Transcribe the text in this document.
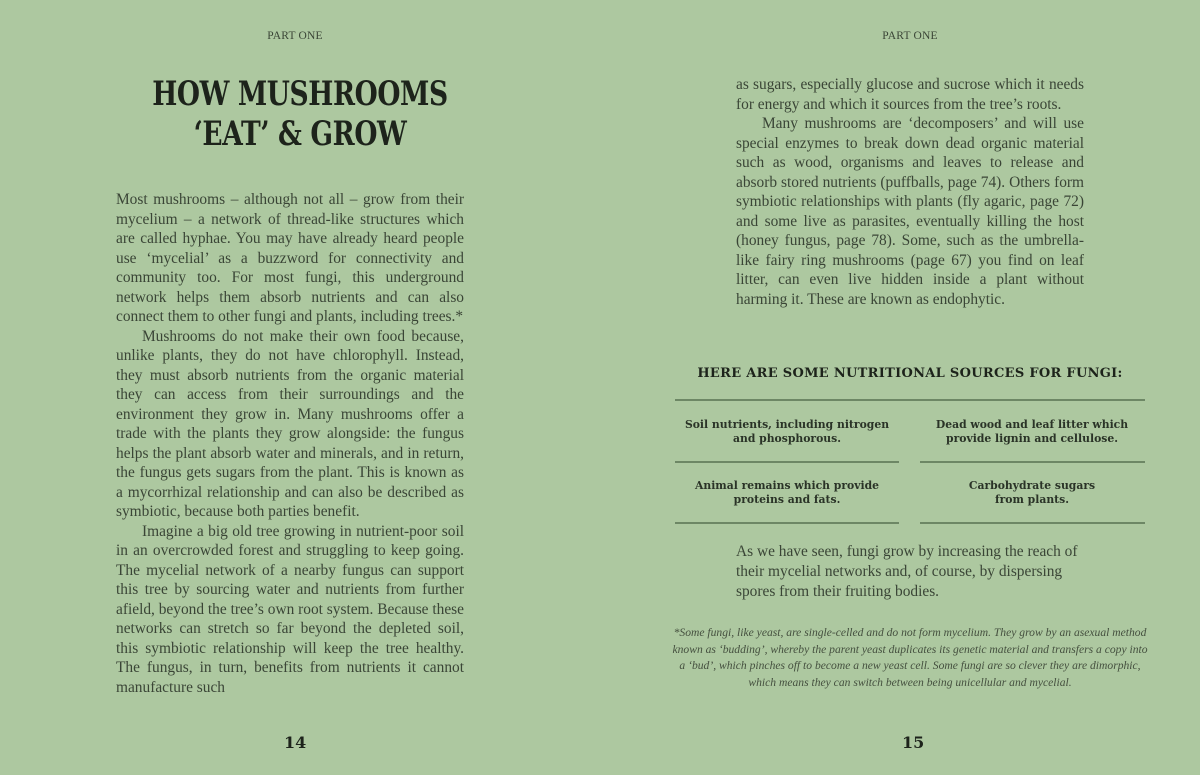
PART ONE
HOW MUSHROOMS
‘EAT’ & GROW

Most mushrooms – although not all – grow from their mycelium – a network of thread-like structures which are called hyphae. You may have already heard people use ‘mycelial’ as a buzzword for connectivity and community too. For most fungi, this underground network helps them absorb nutrients and can also connect them to other fungi and plants, including trees.*

Mushrooms do not make their own food because, unlike plants, they do not have chlorophyll. Instead, they must absorb nutrients from the organic material they can access from their surroundings and the environment they grow in. Many mushrooms offer a trade with the plants they grow alongside: the fungus helps the plant absorb water and minerals, and in return, the fungus gets sugars from the plant. This is known as a mycorrhizal relationship and can also be described as symbiotic, because both parties benefit.

Imagine a big old tree growing in nutrient-poor soil in an overcrowded forest and struggling to keep going. The mycelial network of a nearby fungus can support this tree by sourcing water and nutrients from further afield, beyond the tree’s own root system. Because these networks can stretch so far beyond the depleted soil, this symbiotic relationship will keep the tree healthy. The fungus, in turn, benefits from nutrients it cannot manufacture such

14
PART ONE
15

as sugars, especially glucose and sucrose which it needs for energy and which it sources from the tree’s roots.

Many mushrooms are ‘decomposers’ and will use special enzymes to break down dead organic material such as wood, organisms and leaves to release and absorb stored nutrients (puffballs, page 74). Others form symbiotic relationships with plants (fly agaric, page 72) and some live as parasites, eventually killing the host (honey fungus, page 78). Some, such as the umbrella-like fairy ring mushrooms (page 67) you find on leaf litter, can even live hidden inside a plant without harming it. These are known as endophytic.

HERE ARE SOME NUTRITIONAL SOURCES FOR FUNGI:
Soil nutrients, including nitrogen
and phosphorous.
Dead wood and leaf litter which
provide lignin and cellulose.
Animal remains which provide
proteins and fats.
Carbohydrate sugars
from plants.
As we have seen, fungi grow by increasing the reach of their mycelial networks and, of course, by dispersing spores from their fruiting bodies.
*Some fungi, like yeast, are single-celled and do not form mycelium. They grow by an asexual method known as ‘budding’, whereby the parent yeast duplicates its genetic material and transfers a copy into a ‘bud’, which pinches off to become a new yeast cell. Some fungi are so clever they are dimorphic, which means they can switch between being unicellular and mycelial.
